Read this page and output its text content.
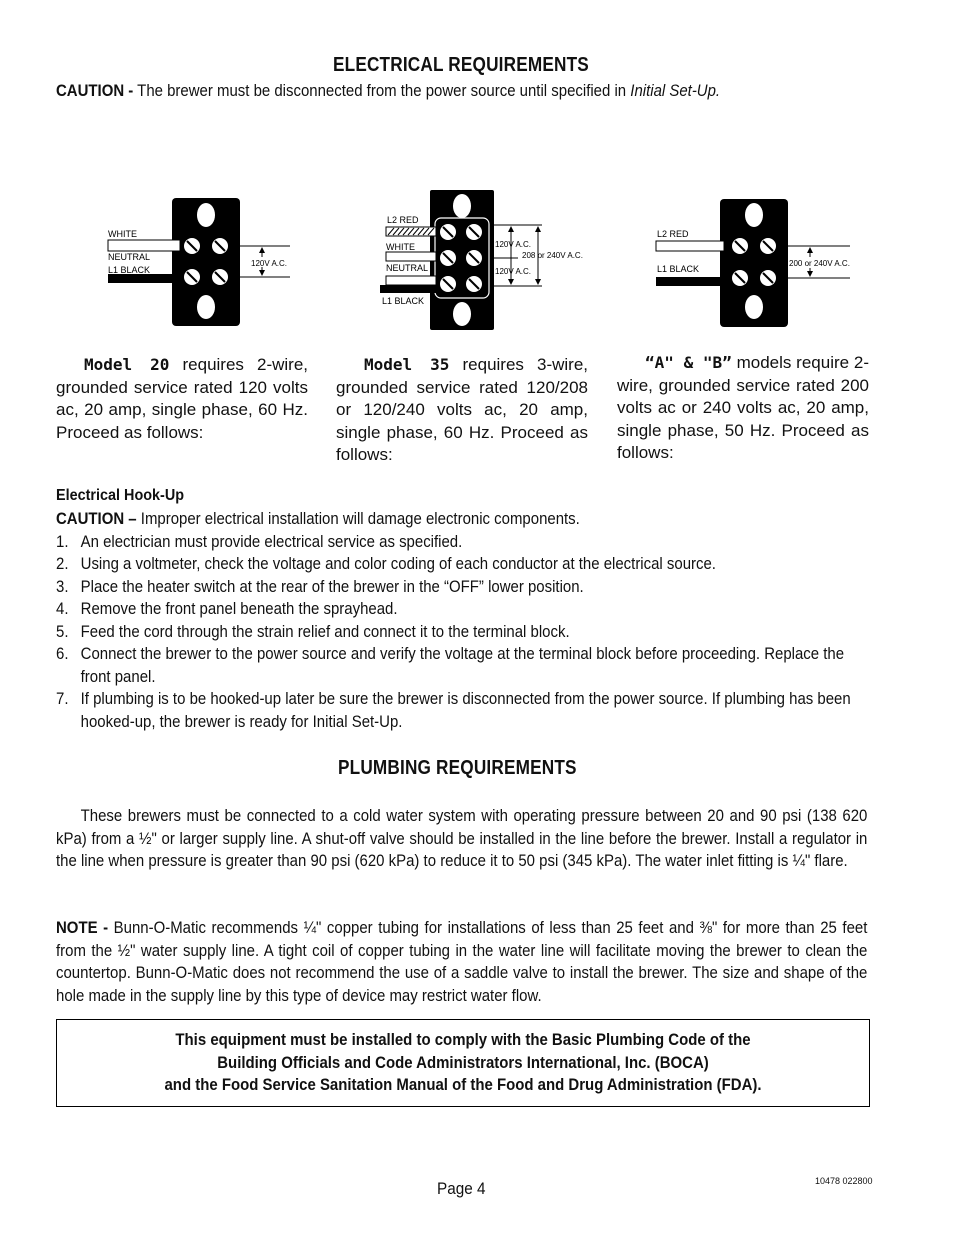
ELECTRICAL REQUIREMENTS
CAUTION - The brewer must be disconnected from the power source until specified in Initial Set-Up.
WHITE
NEUTRAL
L1 BLACK
120V A.C.
L2 RED
WHITE
NEUTRAL
L1 BLACK
120V A.C.
208 or 240V A.C.
120V A.C.
L2 RED
L1 BLACK
200 or 240V A.C.
Model 20 requires 2-wire, grounded service rated 120 volts ac, 20 amp, single phase, 60 Hz. Proceed as follows:
Model 35 requires 3-wire, grounded service rated 120/208 or 120/240 volts ac, 20 amp, single phase, 60 Hz. Proceed as follows:
“A" & "B” models require 2-wire, grounded service rated 200 volts ac or 240 volts ac, 20 amp, single phase, 50 Hz. Proceed as follows:
Electrical Hook-Up
CAUTION – Improper electrical installation will damage electronic components.
1. An electrician must provide electrical service as specified.
2. Using a voltmeter, check the voltage and color coding of each conductor at the electrical source.
3. Place the heater switch at the rear of the brewer in the “OFF” lower position.
4. Remove the front panel beneath the sprayhead.
5. Feed the cord through the strain relief and connect it to the terminal block.
6. Connect the brewer to the power source and verify the voltage at the terminal block before proceeding. Replace the front panel.
7. If plumbing is to be hooked-up later be sure the brewer is disconnected from the power source. If plumbing has been hooked-up, the brewer is ready for Initial Set-Up.
PLUMBING REQUIREMENTS
These brewers must be connected to a cold water system with operating pressure between 20 and 90 psi (138 620 kPa) from a ½" or larger supply line. A shut-off valve should be installed in the line before the brewer. Install a regulator in the line when pressure is greater than 90 psi (620 kPa) to reduce it to 50 psi (345 kPa). The water inlet fitting is ¼" flare.
NOTE - Bunn-O-Matic recommends ¼" copper tubing for installations of less than 25 feet and ⅜" for more than 25 feet from the ½" water supply line. A tight coil of copper tubing in the water line will facilitate moving the brewer to clean the countertop. Bunn-O-Matic does not recommend the use of a saddle valve to install the brewer. The size and shape of the hole made in the supply line by this type of device may restrict water flow.
This equipment must be installed to comply with the Basic Plumbing Code of the
Building Officials and Code Administrators International, Inc. (BOCA)
and the Food Service Sanitation Manual of the Food and Drug Administration (FDA).
Page 4	10478 022800
